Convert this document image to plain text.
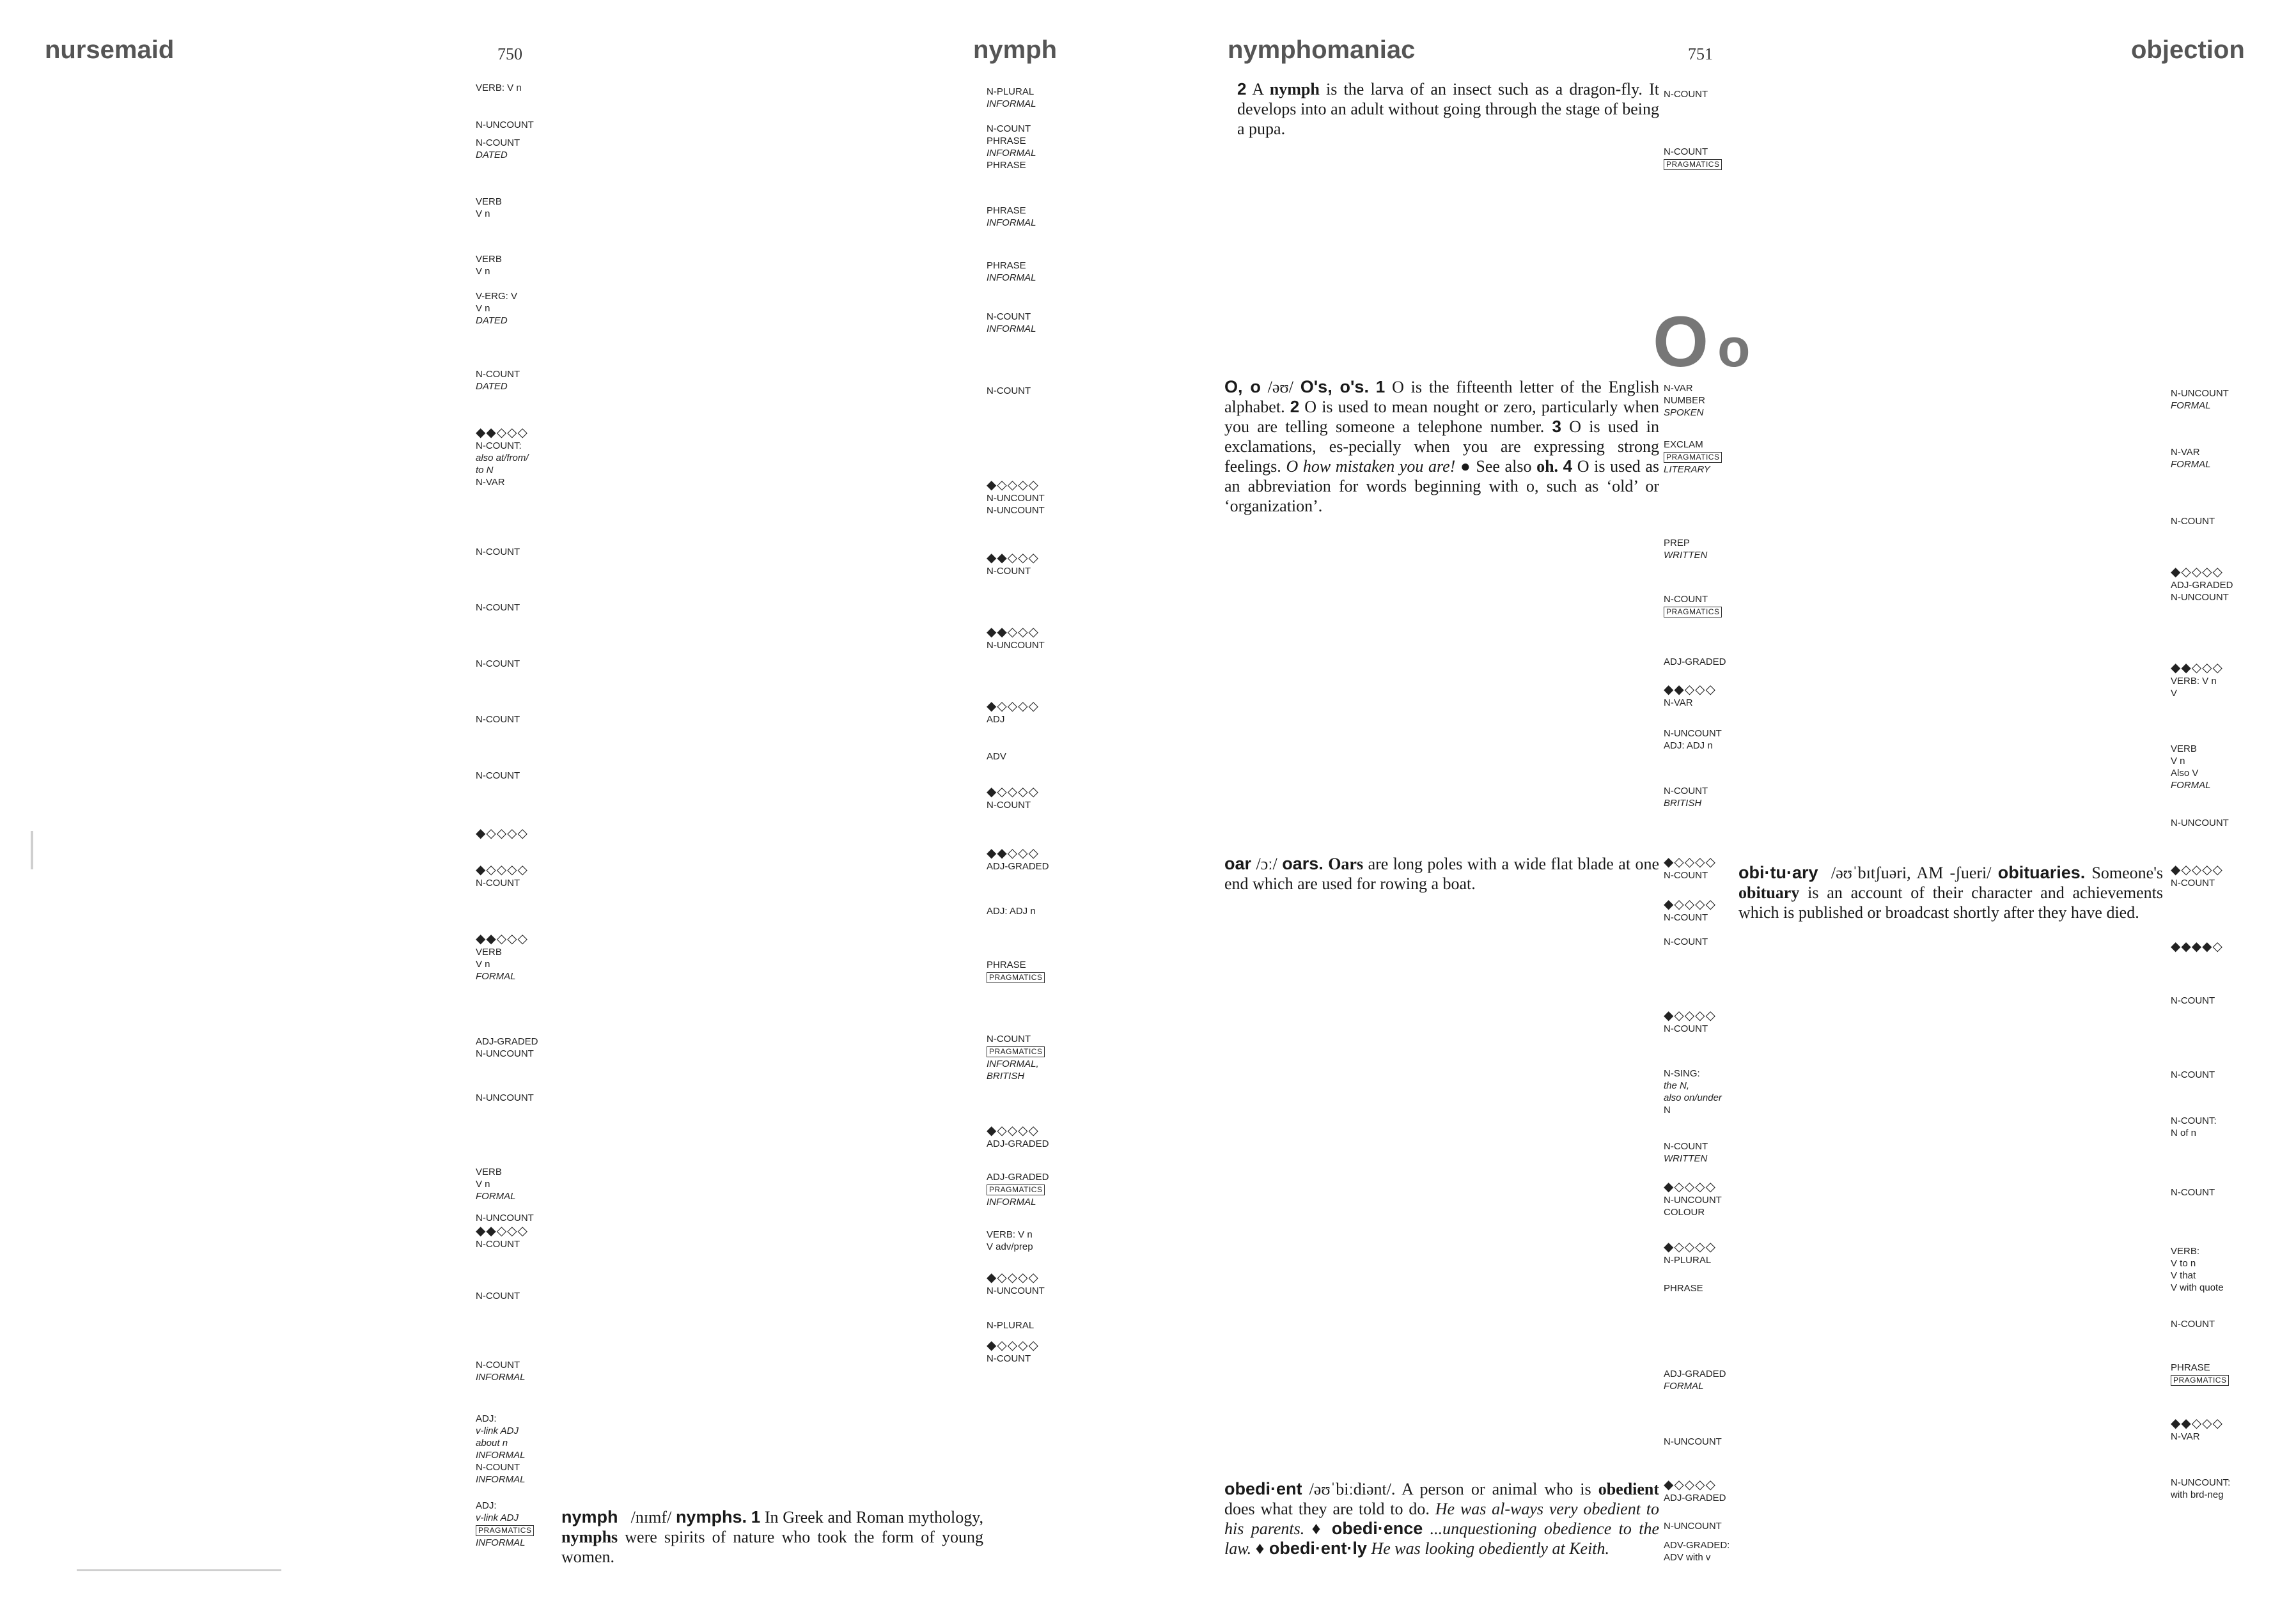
nursemaid	750	nymph
VERB: V n
N-UNCOUNT
N-COUNT
DATED
VERB
V n
VERB
V n
V-ERG: V
V n
DATED
N-COUNT
DATED
◆◆◇◇◇
N-COUNT:
also at/from/
to N
N-VAR
N-COUNT
N-COUNT
N-COUNT
N-COUNT
N-COUNT
◆◇◇◇◇
◆◇◇◇◇
N-COUNT
◆◆◇◇◇
VERB
V n
FORMAL
ADJ-GRADED
N-UNCOUNT
N-UNCOUNT
VERB
V n
FORMAL
N-UNCOUNT
◆◆◇◇◇
N-COUNT
N-COUNT
N-COUNT
INFORMAL
ADJ:
v-link ADJ
about n
INFORMAL
N-COUNT
INFORMAL
ADJ:
v-link ADJ
PRAGMATICS
INFORMAL
N-PLURAL
INFORMAL
N-COUNT
PHRASE
INFORMAL
PHRASE
PHRASE
INFORMAL
PHRASE
INFORMAL
N-COUNT
INFORMAL
N-COUNT
◆◇◇◇◇
N-UNCOUNT
N-UNCOUNT
◆◆◇◇◇
N-COUNT
◆◆◇◇◇
N-UNCOUNT
◆◇◇◇◇
ADJ
ADV
◆◇◇◇◇
N-COUNT
◆◆◇◇◇
ADJ-GRADED
ADJ: ADJ n
PHRASE
PRAGMATICS
N-COUNT
PRAGMATICS
INFORMAL,
BRITISH
◆◇◇◇◇
ADJ-GRADED
ADJ-GRADED
PRAGMATICS
INFORMAL
VERB: V n
V adv/prep
◆◇◇◇◇
N-UNCOUNT
N-PLURAL
◆◇◇◇◇
N-COUNT
nymph /nɪmf/ nymphs. 1 In Greek and Roman mythology, nymphs were spirits of nature who took the form of young women.
nymphomaniac	751	objection
N-COUNT
N-COUNT
PRAGMATICS
N-VAR
NUMBER
SPOKEN
EXCLAM
PRAGMATICS
LITERARY
PREP
WRITTEN
N-COUNT
PRAGMATICS
ADJ-GRADED
◆◆◇◇◇
N-VAR
N-UNCOUNT
ADJ: ADJ n
N-COUNT
BRITISH
◆◇◇◇◇
N-COUNT
◆◇◇◇◇
N-COUNT
N-COUNT
◆◇◇◇◇
N-COUNT
N-SING:
the N,
also on/under
N
N-COUNT
WRITTEN
◆◇◇◇◇
N-UNCOUNT
COLOUR
◆◇◇◇◇
N-PLURAL
PHRASE
ADJ-GRADED
FORMAL
N-UNCOUNT
◆◇◇◇◇
ADJ-GRADED
N-UNCOUNT
ADV-GRADED:
ADV with v
N-UNCOUNT
FORMAL
N-VAR
FORMAL
N-COUNT
◆◇◇◇◇
ADJ-GRADED
N-UNCOUNT
◆◆◇◇◇
VERB: V n
V
VERB
V n
Also V
FORMAL
N-UNCOUNT
◆◇◇◇◇
N-COUNT
◆◆◆◆◇
N-COUNT
N-COUNT
N-COUNT:
N of n
N-COUNT
VERB:
V to n
V that
V with quote
N-COUNT
PHRASE
PRAGMATICS
◆◆◇◇◇
N-VAR
N-UNCOUNT:
with brd-neg
2 A nymph is the larva of an insect such as a dragon-fly. It develops into an adult without going through the stage of being a pupa.
O o
O, o /əʊ/ O's, o's. 1 O is the fifteenth letter of the English alphabet. 2 O is used to mean nought or zero, particularly when you are telling someone a telephone number. 3 O is used in exclamations, es-pecially when you are expressing strong feelings. O how mistaken you are! ● See also oh. 4 O is used as an abbreviation for words beginning with o, such as ‘old’ or ‘organization’.
oar /ɔː/ oars. Oars are long poles with a wide flat blade at one end which are used for rowing a boat.
obi·tu·ary /əʊˈbɪtʃuəri, AM -ʃueri/ obituaries. Someone's obituary is an account of their character and achievements which is published or broadcast shortly after they have died.
obedi·ent /əʊˈbiːdiənt/. A person or animal who is obedient does what they are told to do. He was al-ways very obedient to his parents. ♦ obedi·ence ...unquestioning obedience to the law. ♦ obedi·ent·ly He was looking obediently at Keith.
